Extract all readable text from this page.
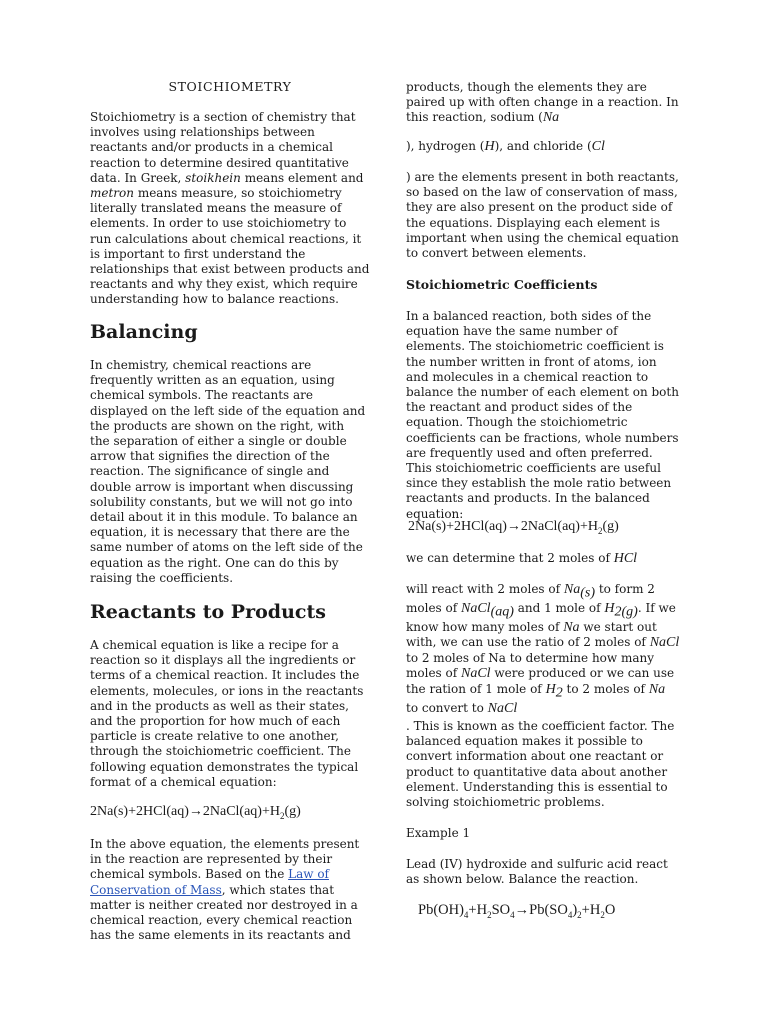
STOICHIOMETRY

Stoichiometry is a section of chemistry that involves using relationships between reactants and/or products in a chemical reaction to determine desired quantitative data. In Greek, stoikhein means element and metron means measure, so stoichiometry literally translated means the measure of elements. In order to use stoichiometry to run calculations about chemical reactions, it is important to first understand the relationships that exist between products and reactants and why they exist, which require understanding how to balance reactions.

Balancing

In chemistry, chemical reactions are frequently written as an equation, using chemical symbols. The reactants are displayed on the left side of the equation and the products are shown on the right, with the separation of either a single or double arrow that signifies the direction of the reaction. The significance of single and double arrow is important when discussing solubility constants, but we will not go into detail about it in this module. To balance an equation, it is necessary that there are the same number of atoms on the left side of the equation as the right. One can do this by raising the coefficients.

Reactants to Products

A chemical equation is like a recipe for a reaction so it displays all the ingredients or terms of a chemical reaction. It includes the elements, molecules, or ions in the reactants and in the products as well as their states, and the proportion for how much of each particle is create relative to one another, through the stoichiometric coefficient. The following equation demonstrates the typical format of a chemical equation:

$2Na(s)+2HCl(aq)\to 2NaCl(aq)+H_2(g)$

In the above equation, the elements present in the reaction are represented by their chemical symbols. Based on the Law of Conservation of Mass, which states that matter is neither created nor destroyed in a chemical reaction, every chemical reaction has the same elements in its reactants and

products, though the elements they are paired up with often change in a reaction. In this reaction, sodium (Na

), hydrogen (H), and chloride (Cl

) are the elements present in both reactants, so based on the law of conservation of mass, they are also present on the product side of the equations. Displaying each element is important when using the chemical equation to convert between elements.

Stoichiometric Coefficients

In a balanced reaction, both sides of the equation have the same number of elements. The stoichiometric coefficient is the number written in front of atoms, ion and molecules in a chemical reaction to balance the number of each element on both the reactant and product sides of the equation. Though the stoichiometric coefficients can be fractions, whole numbers are frequently used and often preferred. This stoichiometric coefficients are useful since they establish the mole ratio between reactants and products. In the balanced equation:

$2Na(s)+2HCl(aq)\to 2NaCl(aq)+H_2(g)$

we can determine that 2 moles of HCl

will react with 2 moles of $Na_{(s)}$ to form 2 moles of NaCl$_{(aq)}$ and 1 mole of $H_{2(g)}$. If we know how many moles of Na we start out with, we can use the ratio of 2 moles of NaCl to 2 moles of Na to determine how many moles of NaCl were produced or we can use the ration of 1 mole of $H_2$ to 2 moles of Na to convert to NaCl

. This is known as the coefficient factor. The balanced equation makes it possible to convert information about one reactant or product to quantitative data about another element. Understanding this is essential to solving stoichiometric problems.

Example 1

Lead (IV) hydroxide and sulfuric acid react as shown below. Balance the reaction.

$Pb(OH)_4+H_2SO_4\to Pb(SO_4)_2+H_2O$
